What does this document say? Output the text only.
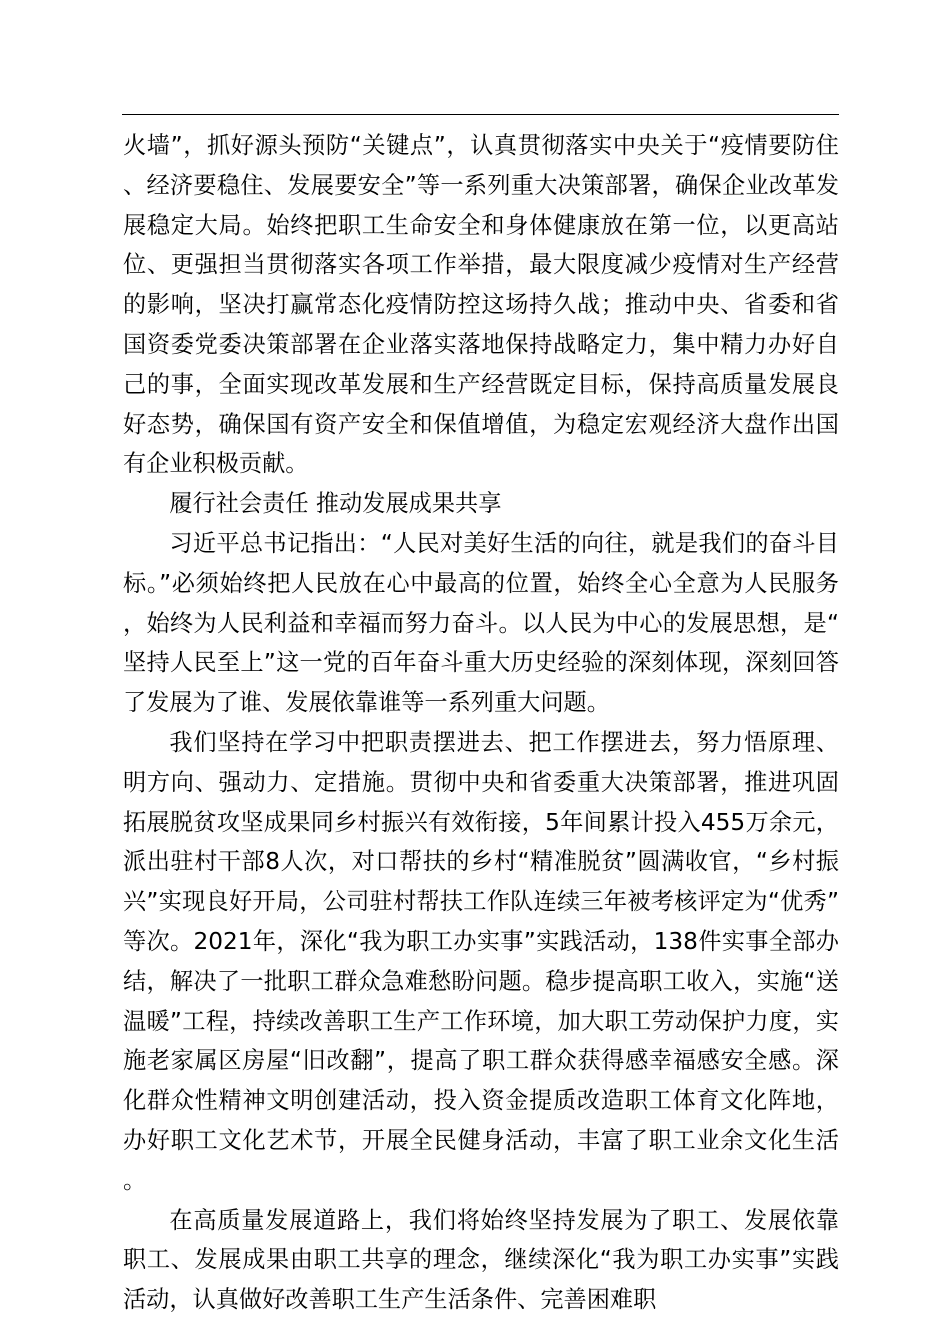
火墙”，抓好源头预防“关键点”，认真贯彻落实中央关于“疫情要防住、经济要稳住、发展要安全”等一系列重大决策部署，确保企业改革发展稳定大局。始终把职工生命安全和身体健康放在第一位，以更高站位、更强担当贯彻落实各项工作举措，最大限度减少疫情对生产经营的影响，坚决打赢常态化疫情防控这场持久战；推动中央、省委和省国资委党委决策部署在企业落实落地保持战略定力，集中精力办好自己的事，全面实现改革发展和生产经营既定目标，保持高质量发展良好态势，确保国有资产安全和保值增值，为稳定宏观经济大盘作出国有企业积极贡献。

履行社会责任 推动发展成果共享

习近平总书记指出：“人民对美好生活的向往，就是我们的奋斗目标。”必须始终把人民放在心中最高的位置，始终全心全意为人民服务，始终为人民利益和幸福而努力奋斗。以人民为中心的发展思想，是“坚持人民至上”这一党的百年奋斗重大历史经验的深刻体现，深刻回答了发展为了谁、发展依靠谁等一系列重大问题。

我们坚持在学习中把职责摆进去、把工作摆进去，努力悟原理、明方向、强动力、定措施。贯彻中央和省委重大决策部署，推进巩固拓展脱贫攻坚成果同乡村振兴有效衔接，5年间累计投入455万余元，派出驻村干部8人次，对口帮扶的乡村“精准脱贫”圆满收官，“乡村振兴”实现良好开局，公司驻村帮扶工作队连续三年被考核评定为“优秀”等次。2021年，深化“我为职工办实事”实践活动，138件实事全部办结，解决了一批职工群众急难愁盼问题。稳步提高职工收入，实施“送温暖”工程，持续改善职工生产工作环境，加大职工劳动保护力度，实施老家属区房屋“旧改翻”，提高了职工群众获得感幸福感安全感。深化群众性精神文明创建活动，投入资金提质改造职工体育文化阵地，办好职工文化艺术节，开展全民健身活动，丰富了职工业余文化生活。

在高质量发展道路上，我们将始终坚持发展为了职工、发展依靠职工、发展成果由职工共享的理念，继续深化“我为职工办实事”实践活动，认真做好改善职工生产生活条件、完善困难职
